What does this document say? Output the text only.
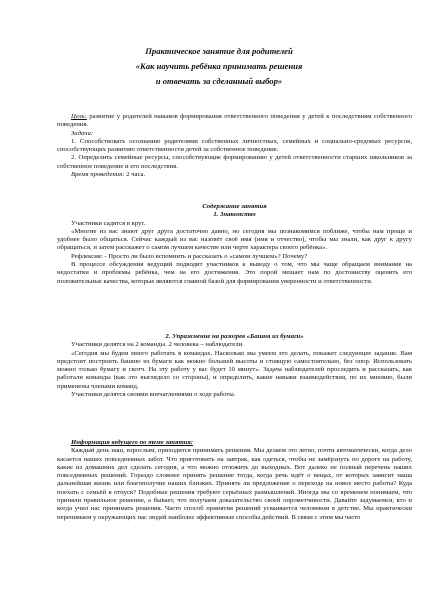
Практическое занятие для родителей
«Как научить ребёнка принимать решения
и отвечать за сделанный выбор»

Цель: развитие у родителей навыков формирования ответственного поведения у детей к последствиям собственного поведения.

Задачи:

1. Способствовать осознанию родителями собственных личностных, семейных и социально-средовых ресурсов, способствующих развитию ответственности детей за собственное поведение.

2. Определить семейные ресурсы, способствующие формированию у детей ответственности старших школьников за собственное поведение и его последствия.

Время проведения: 2 часа.

Содержание занятия

1. Знакомство

Участники садятся в круг.

«Многие из вас знают друг друга достаточно давно, но сегодня мы познакомимся поближе, чтобы нам проще и удобнее было общаться. Сейчас каждый из вас назовёт своё имя (имя и отчество), чтобы мы знали, как друг к другу обращаться, и затем расскажет о самом лучшем качестве или черте характера своего ребёнка».

Рефлексия: - Просто ли было вспомнить и рассказать о «самом лучшем»? Почему?

В процессе обсуждения ведущий подводит участников к выводу о том, что мы чаще обращаем внимание на недостатки и проблемы ребёнка, чем на его достижения. Это порой мешает нам по достоинству оценить его положительные качества, которые являются главной базой для формирования уверенности и ответственности.

2. Упражнение на разогрев «Башня из бумаги»

Участники делятся на 2 команды. 2 человека – наблюдатели.

«Сегодня мы будем много работать в командах. Насколько мы умеем это делать, покажет следующее задание. Вам предстоит построить башню из бумаги как можно большей высоты и стоящую самостоятельно, без опор. Использовать можно только бумагу и скотч. На эту работу у вас будет 10 минут». Задача наблюдателей проследить и рассказать, как работали команды (как это выглядело со стороны), и определить, какие навыки взаимодействия, по их мнению, были применены членами команд.

Участники делятся своими впечатлениями о ходе работы.

Информация ведущего по теме занятия:

Каждый день наш, взрослым, приходится принимать решения. Мы делаем это легко, почти автоматически, когда дело касается наших повседневных забот. Что приготовить на завтрак, как одеться, чтобы не замёрзнуть по дороге на работу, какие из домашних дел сделать сегодня, а что можно отложить до выходных. Вот далеко не полный перечень наших повседневных решений. Гораздо сложнее принять решение тогда, когда речь идёт о вещах, от которых зависит наша дальнейшая жизнь или благополучие наших близких. Принять ли предложение о переходе на новое место работы? Куда поехать с семьёй в отпуск? Подобные решения требуют серьёзных размышлений. Иногда мы со временем понимаем, что приняли правильное решение, а бывает, что получаем доказательство своей опрометчивости. Давайте задумаемся, кто и когда учил нас принимать решения. Часто способ принятия решений усваивается человеком в детстве. Мы практически перенимаем у окружающих нас людей наиболее эффективные способы действий. В связи с этим мы часто
